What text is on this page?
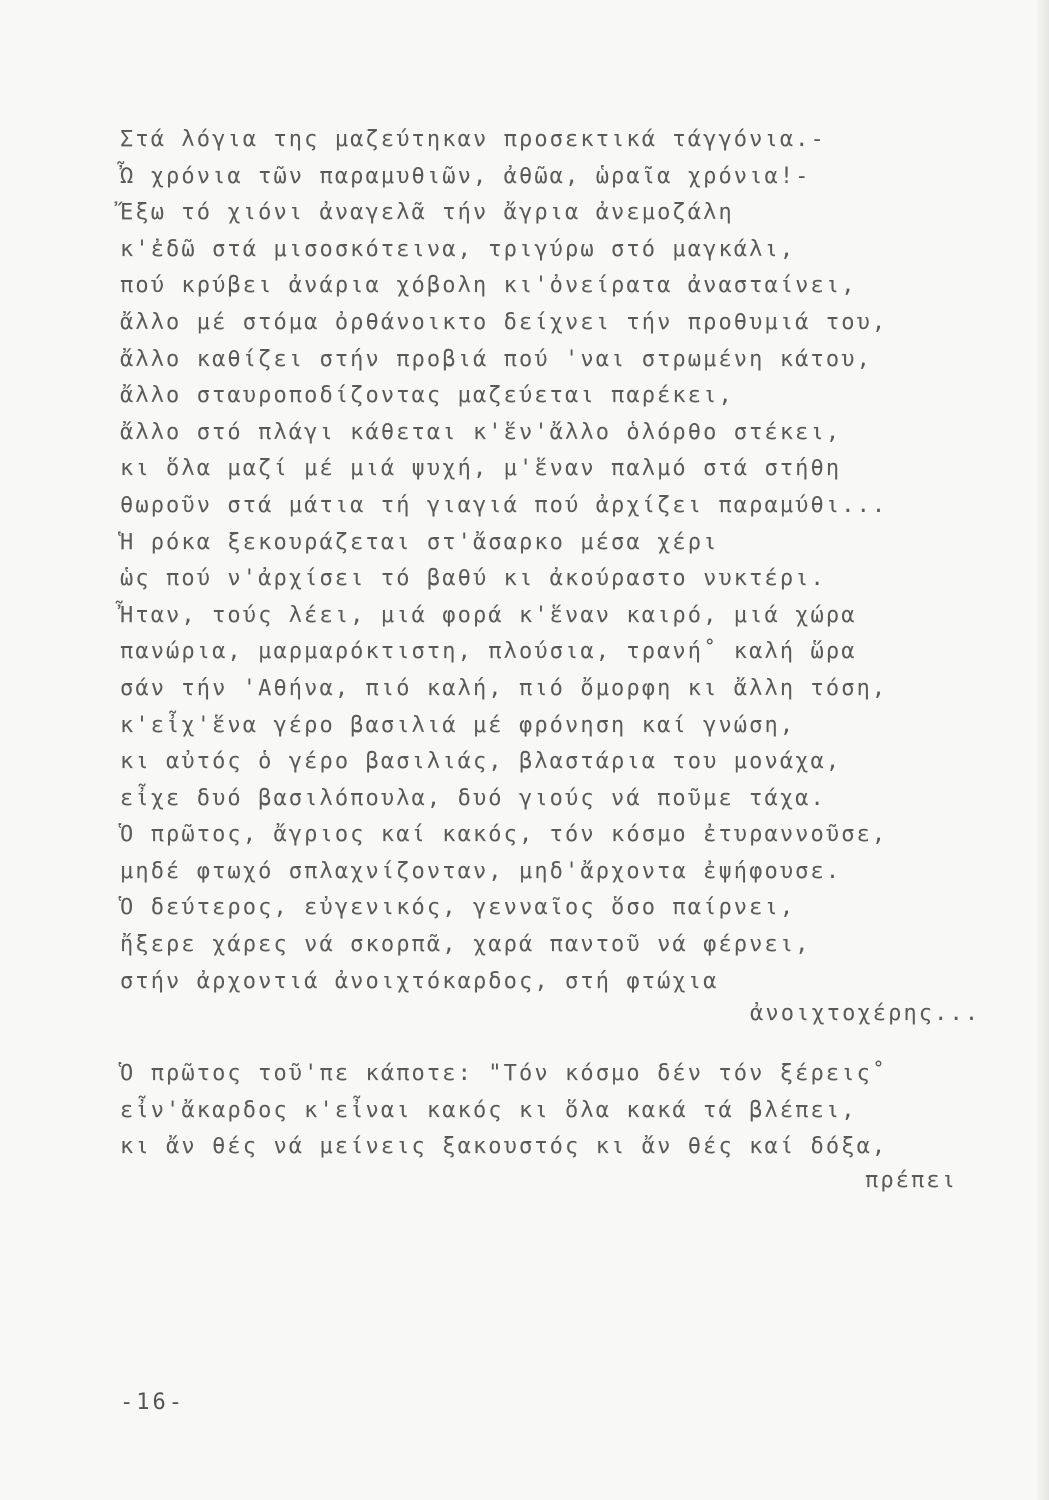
Στά λόγια της μαζεύτηκαν προσεκτικά τάγγόνια.-
Ὦ χρόνια τῶν παραμυθιῶν, ἀθῶα, ὡραῖα χρόνια!-
Ἔξω τό χιόνι ἀναγελᾶ τήν ἄγρια ἀνεμοζάλη
κ'ἐδῶ στά μισοσκότεινα, τριγύρω στό μαγκάλι,
πού κρύβει ἀνάρια χόβολη κι'ὀνείρατα ἀνασταίνει,
ἄλλο μέ στόμα ὀρθάνοικτο δείχνει τήν προθυμιά του,
ἄλλο καθίζει στήν προβιά πού 'ναι στρωμένη κάτου,
ἄλλο σταυροποδίζοντας μαζεύεται παρέκει,
ἄλλο στό πλάγι κάθεται κ'ἕν'ἄλλο ὁλόρθο στέκει,
κι ὅλα μαζί μέ μιά ψυχή, μ'ἕναν παλμό στά στήθη
θωροῦν στά μάτια τή γιαγιά πού ἀρχίζει παραμύθι...
Ἡ ρόκα ξεκουράζεται στ'ἄσαρκο μέσα χέρι
ὡς πού ν'ἀρχίσει τό βαθύ κι ἀκούραστο νυκτέρι.
Ἦταν, τούς λέει, μιά φορά κ'ἕναν καιρό, μιά χώρα
πανώρια, μαρμαρόκτιστη, πλούσια, τρανή˚ καλή ὥρα
σάν τήν 'Αθήνα, πιό καλή, πιό ὄμορφη κι ἄλλη τόση,
κ'εἶχ'ἕνα γέρο βασιλιά μέ φρόνηση καί γνώση,
κι αὐτός ὁ γέρο βασιλιάς, βλαστάρια του μονάχα,
εἶχε δυό βασιλόπουλα, δυό γιούς νά ποῦμε τάχα.
Ὁ πρῶτος, ἄγριος καί κακός, τόν κόσμο ἐτυραννοῦσε,
μηδέ φτωχό σπλαχνίζονταν, μηδ'ἄρχοντα ἐψήφουσε.
Ὁ δεύτερος, εὐγενικός, γενναῖος ὅσο παίρνει,
ἤξερε χάρες νά σκορπᾶ, χαρά παντοῦ νά φέρνει,
στήν ἀρχοντιά ἀνοιχτόκαρδος, στή φτώχια
ἀνοιχτοχέρης...
Ὁ πρῶτος τοῦ'πε κάποτε: "Τόν κόσμο δέν τόν ξέρεις˚
εἶν'ἄκαρδος κ'εἶναι κακός κι ὅλα κακά τά βλέπει,
κι ἄν θές νά μείνεις ξακουστός κι ἄν θές καί δόξα,
πρέπει
-16-
